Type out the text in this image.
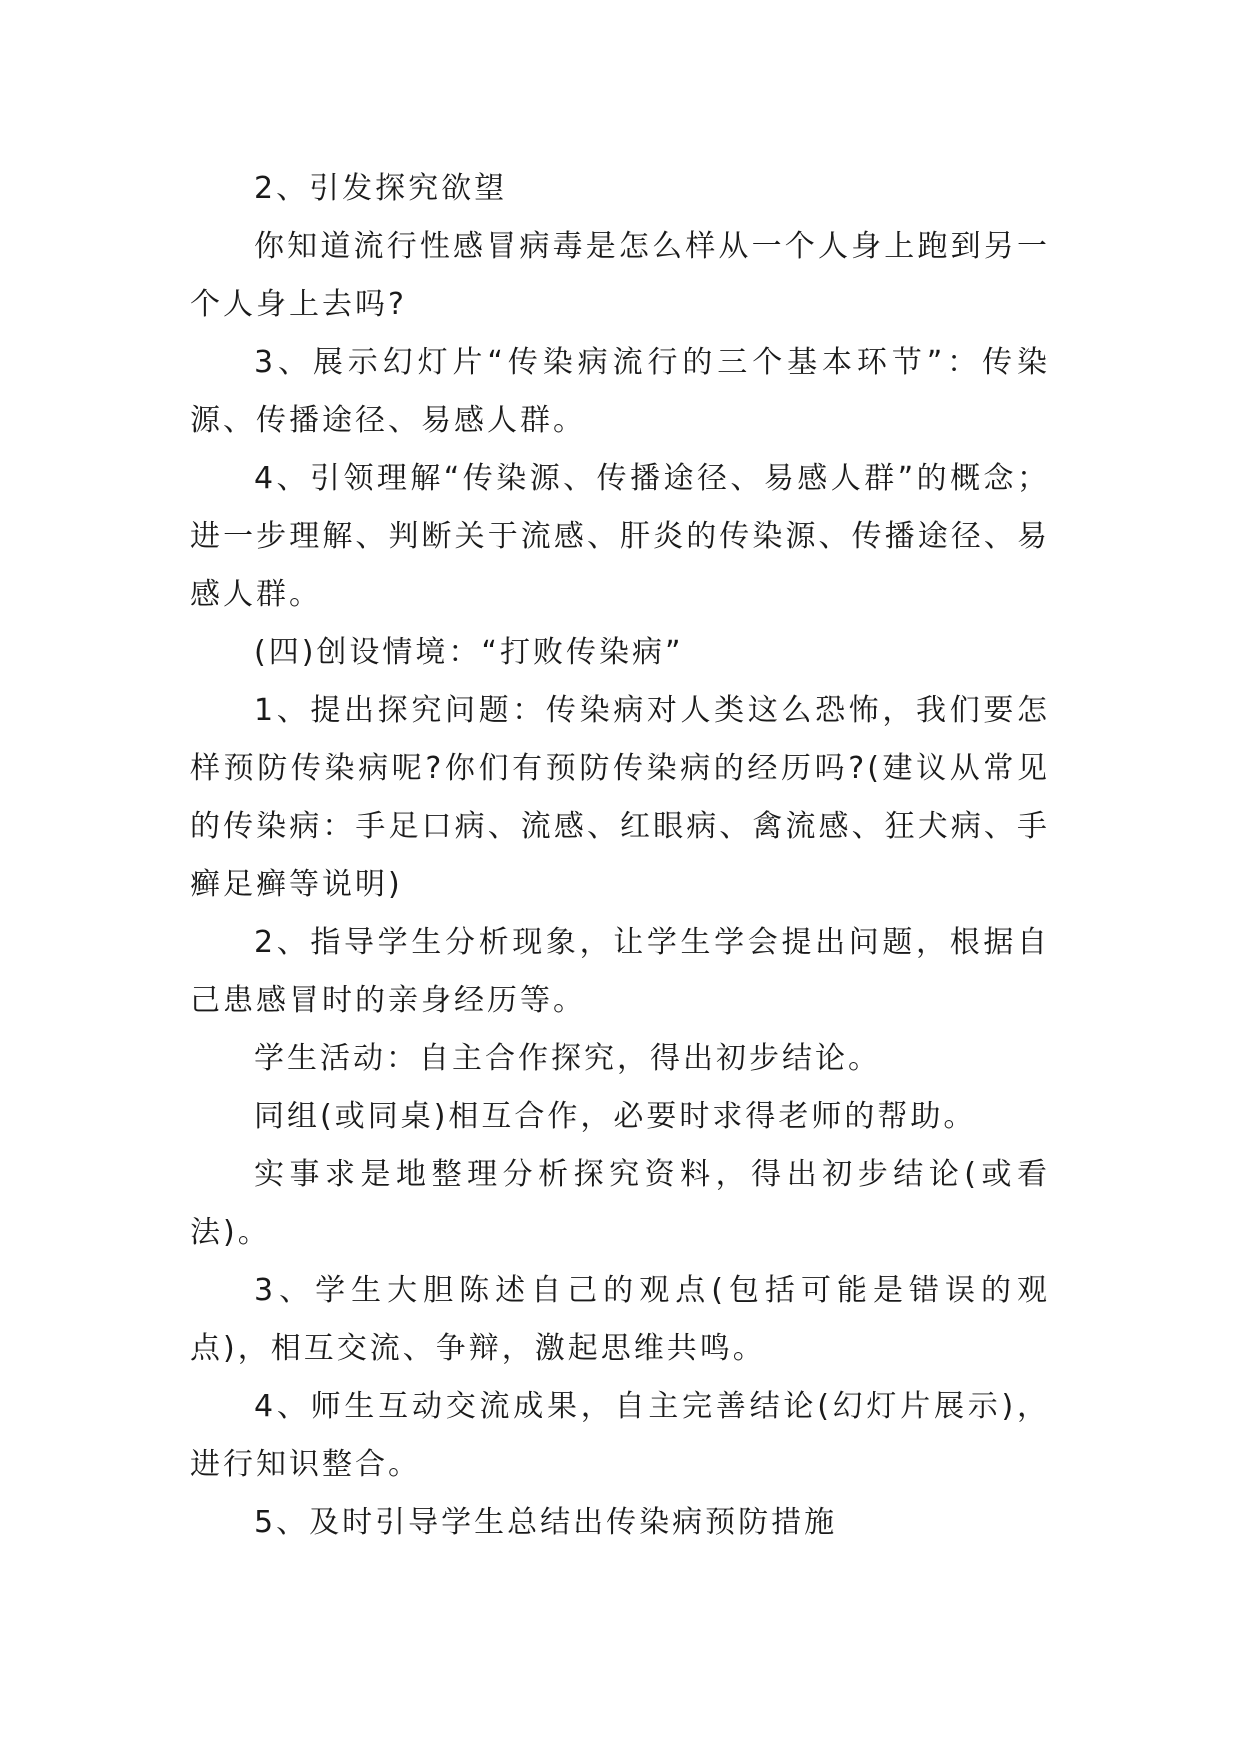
2、引发探究欲望

你知道流行性感冒病毒是怎么样从一个人身上跑到另一个人身上去吗?

3、展示幻灯片“传染病流行的三个基本环节”：传染源、传播途径、易感人群。

4、引领理解“传染源、传播途径、易感人群”的概念；进一步理解、判断关于流感、肝炎的传染源、传播途径、易感人群。

(四)创设情境：“打败传染病”

1、提出探究问题：传染病对人类这么恐怖，我们要怎样预防传染病呢?你们有预防传染病的经历吗?(建议从常见的传染病：手足口病、流感、红眼病、禽流感、狂犬病、手癣足癣等说明)

2、指导学生分析现象，让学生学会提出问题，根据自己患感冒时的亲身经历等。

学生活动：自主合作探究，得出初步结论。

同组(或同桌)相互合作，必要时求得老师的帮助。

实事求是地整理分析探究资料，得出初步结论(或看法)。

3、学生大胆陈述自己的观点(包括可能是错误的观点)，相互交流、争辩，激起思维共鸣。

4、师生互动交流成果，自主完善结论(幻灯片展示)，进行知识整合。

5、及时引导学生总结出传染病预防措施
